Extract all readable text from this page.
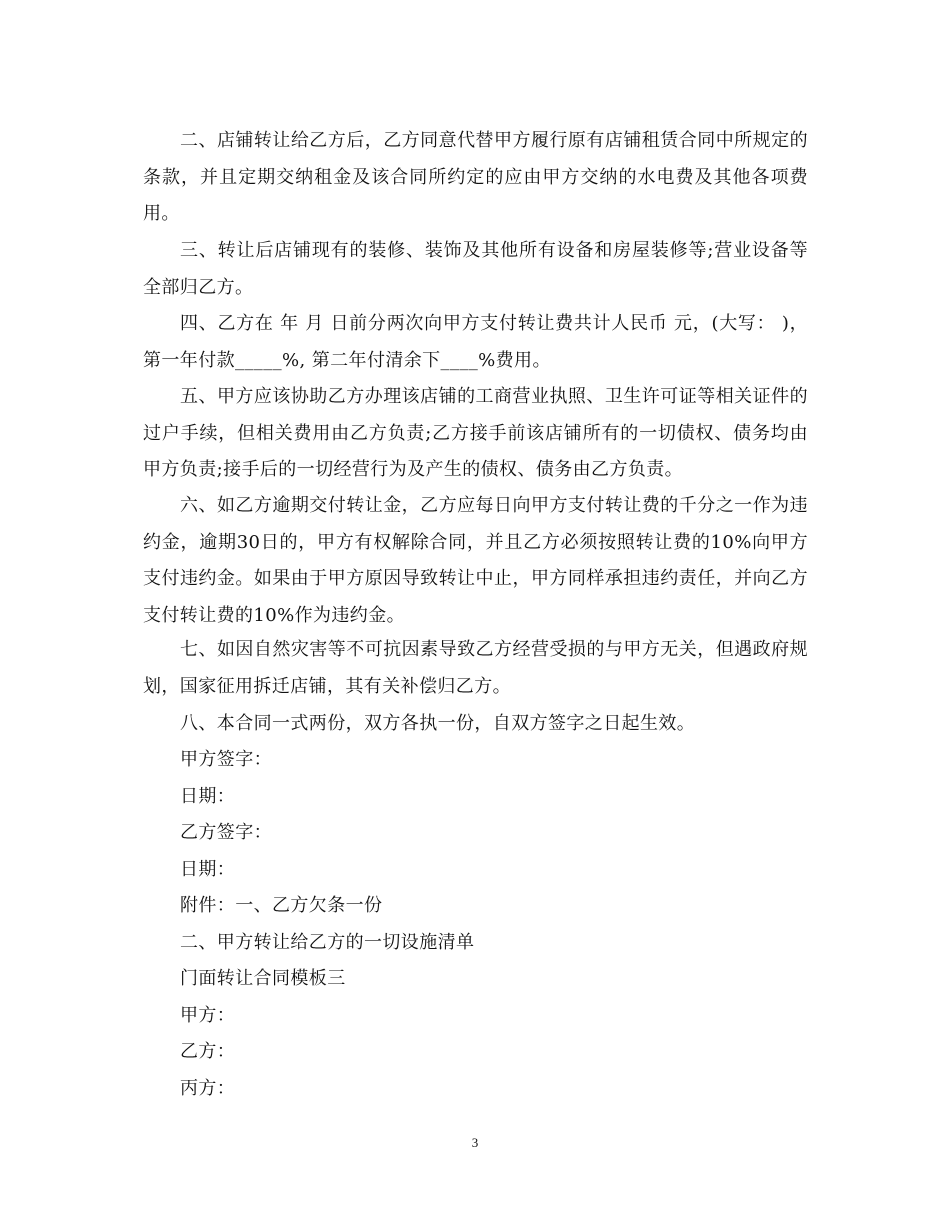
二、店铺转让给乙方后，乙方同意代替甲方履行原有店铺租赁合同中所规定的条款，并且定期交纳租金及该合同所约定的应由甲方交纳的水电费及其他各项费用。

三、转让后店铺现有的装修、装饰及其他所有设备和房屋装修等;营业设备等全部归乙方。

四、乙方在 年 月 日前分两次向甲方支付转让费共计人民币 元，(大写： )，第一年付款_____%, 第二年付清余下____%费用。

五、甲方应该协助乙方办理该店铺的工商营业执照、卫生许可证等相关证件的过户手续，但相关费用由乙方负责;乙方接手前该店铺所有的一切债权、债务均由甲方负责;接手后的一切经营行为及产生的债权、债务由乙方负责。

六、如乙方逾期交付转让金，乙方应每日向甲方支付转让费的千分之一作为违约金，逾期30日的，甲方有权解除合同，并且乙方必须按照转让费的10%向甲方支付违约金。如果由于甲方原因导致转让中止，甲方同样承担违约责任，并向乙方支付转让费的10%作为违约金。

七、如因自然灾害等不可抗因素导致乙方经营受损的与甲方无关，但遇政府规划，国家征用拆迁店铺，其有关补偿归乙方。

八、本合同一式两份，双方各执一份，自双方签字之日起生效。

甲方签字：

日期：

乙方签字：

日期：

附件：一、乙方欠条一份

二、甲方转让给乙方的一切设施清单

门面转让合同模板三

甲方：

乙方：

丙方：

3
